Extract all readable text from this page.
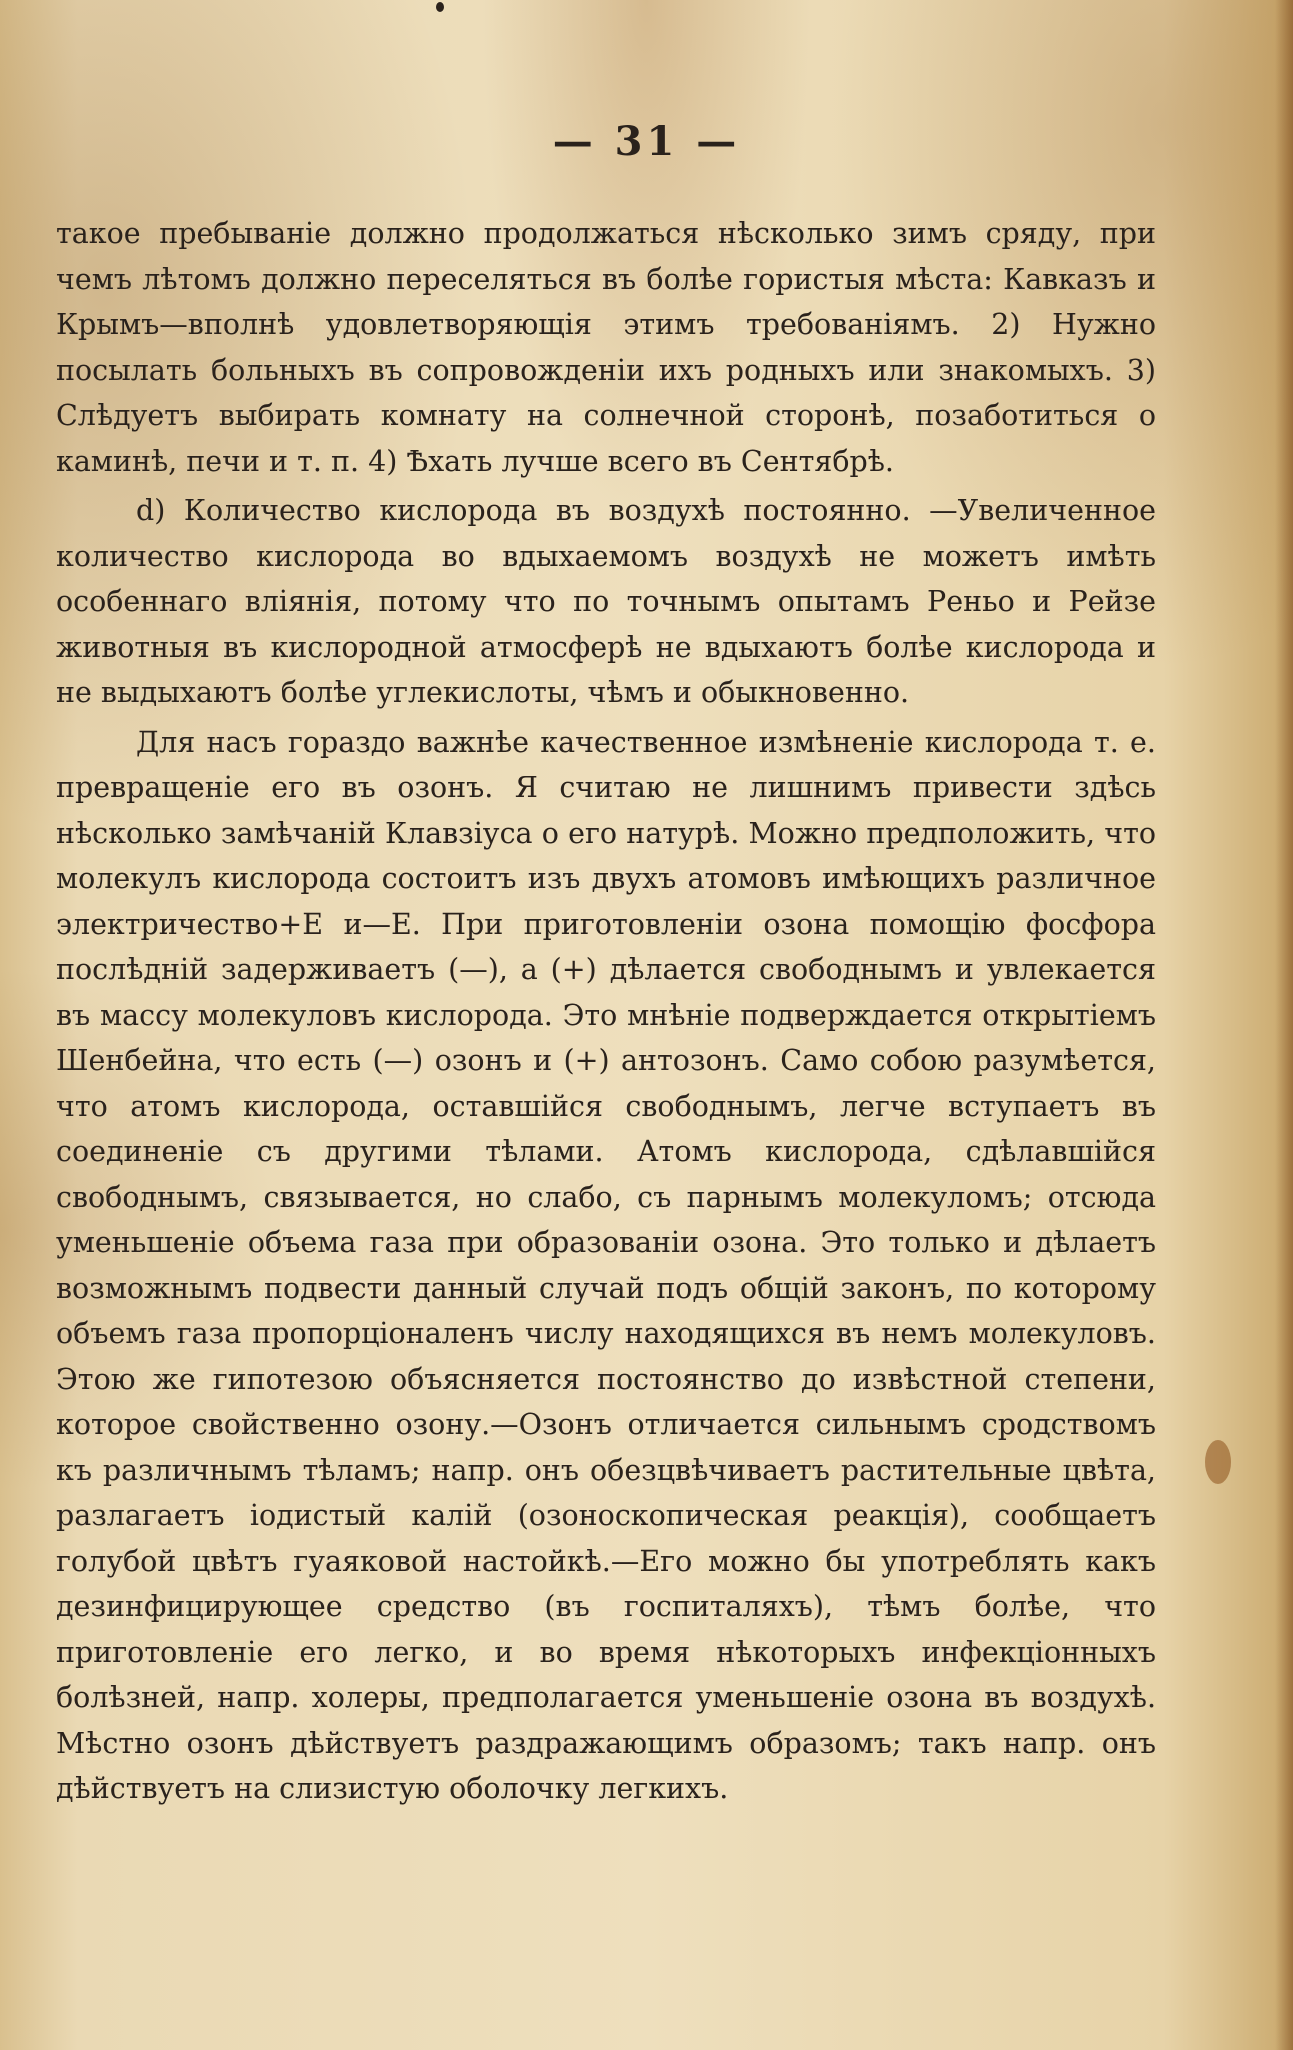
— 31 —

такое пребываніе должно продолжаться нѣсколько зимъ сряду, при чемъ лѣтомъ должно переселяться въ болѣе гористыя мѣста: Кавказъ и Крымъ—вполнѣ удовлетворяющія этимъ требованіямъ. 2) Нужно посылать больныхъ въ сопровожденіи ихъ родныхъ или знакомыхъ. 3) Слѣдуетъ выбирать комнату на солнечной сторонѣ, позаботиться о каминѣ, печи и т. п. 4) Ѣхать лучше всего въ Сентябрѣ.

d) Количество кислорода въ воздухѣ постоянно. —Увеличенное количество кислорода во вдыхаемомъ воздухѣ не можетъ имѣть особеннаго вліянія, потому что по точнымъ опытамъ Реньо и Рейзе животныя въ кислородной атмосферѣ не вдыхаютъ болѣе кислорода и не выдыхаютъ болѣе углекислоты, чѣмъ и обыкновенно.

Для насъ гораздо важнѣе качественное измѣненіе кислорода т. е. превращеніе его въ озонъ. Я считаю не лишнимъ привести здѣсь нѣсколько замѣчаній Клавзіуса о его натурѣ. Можно предположить, что молекулъ кислорода состоитъ изъ двухъ атомовъ имѣющихъ различное электричество+Е и—Е. При приготовленіи озона помощію фосфора послѣдній задерживаетъ (—), а (+) дѣлается свободнымъ и увлекается въ массу молекуловъ кислорода. Это мнѣніе подверждается открытіемъ Шенбейна, что есть (—) озонъ и (+) антозонъ. Само собою разумѣется, что атомъ кислорода, оставшійся свободнымъ, легче вступаетъ въ соединеніе съ другими тѣлами. Атомъ кислорода, сдѣлавшійся свободнымъ, связывается, но слабо, съ парнымъ молекуломъ; отсюда уменьшеніе объема газа при образованіи озона. Это только и дѣлаетъ возможнымъ подвести данный случай подъ общій законъ, по которому объемъ газа пропорціоналенъ числу находящихся въ немъ молекуловъ. Этою же гипотезою объясняется постоянство до извѣстной степени, которое свойственно озону.—Озонъ отличается сильнымъ сродствомъ къ различнымъ тѣламъ; напр. онъ обезцвѣчиваетъ растительные цвѣта, разлагаетъ іодистый калій (озоноскопическая реакція), сообщаетъ голубой цвѣтъ гуаяковой настойкѣ.—Его можно бы употреблять какъ дезинфицирующее средство (въ госпиталяхъ), тѣмъ болѣе, что приготовленіе его легко, и во время нѣкоторыхъ инфекціонныхъ болѣзней, напр. холеры, предполагается уменьшеніе озона въ воздухѣ. Мѣстно озонъ дѣйствуетъ раздражающимъ образомъ; такъ напр. онъ дѣйствуетъ на слизистую оболочку легкихъ.
